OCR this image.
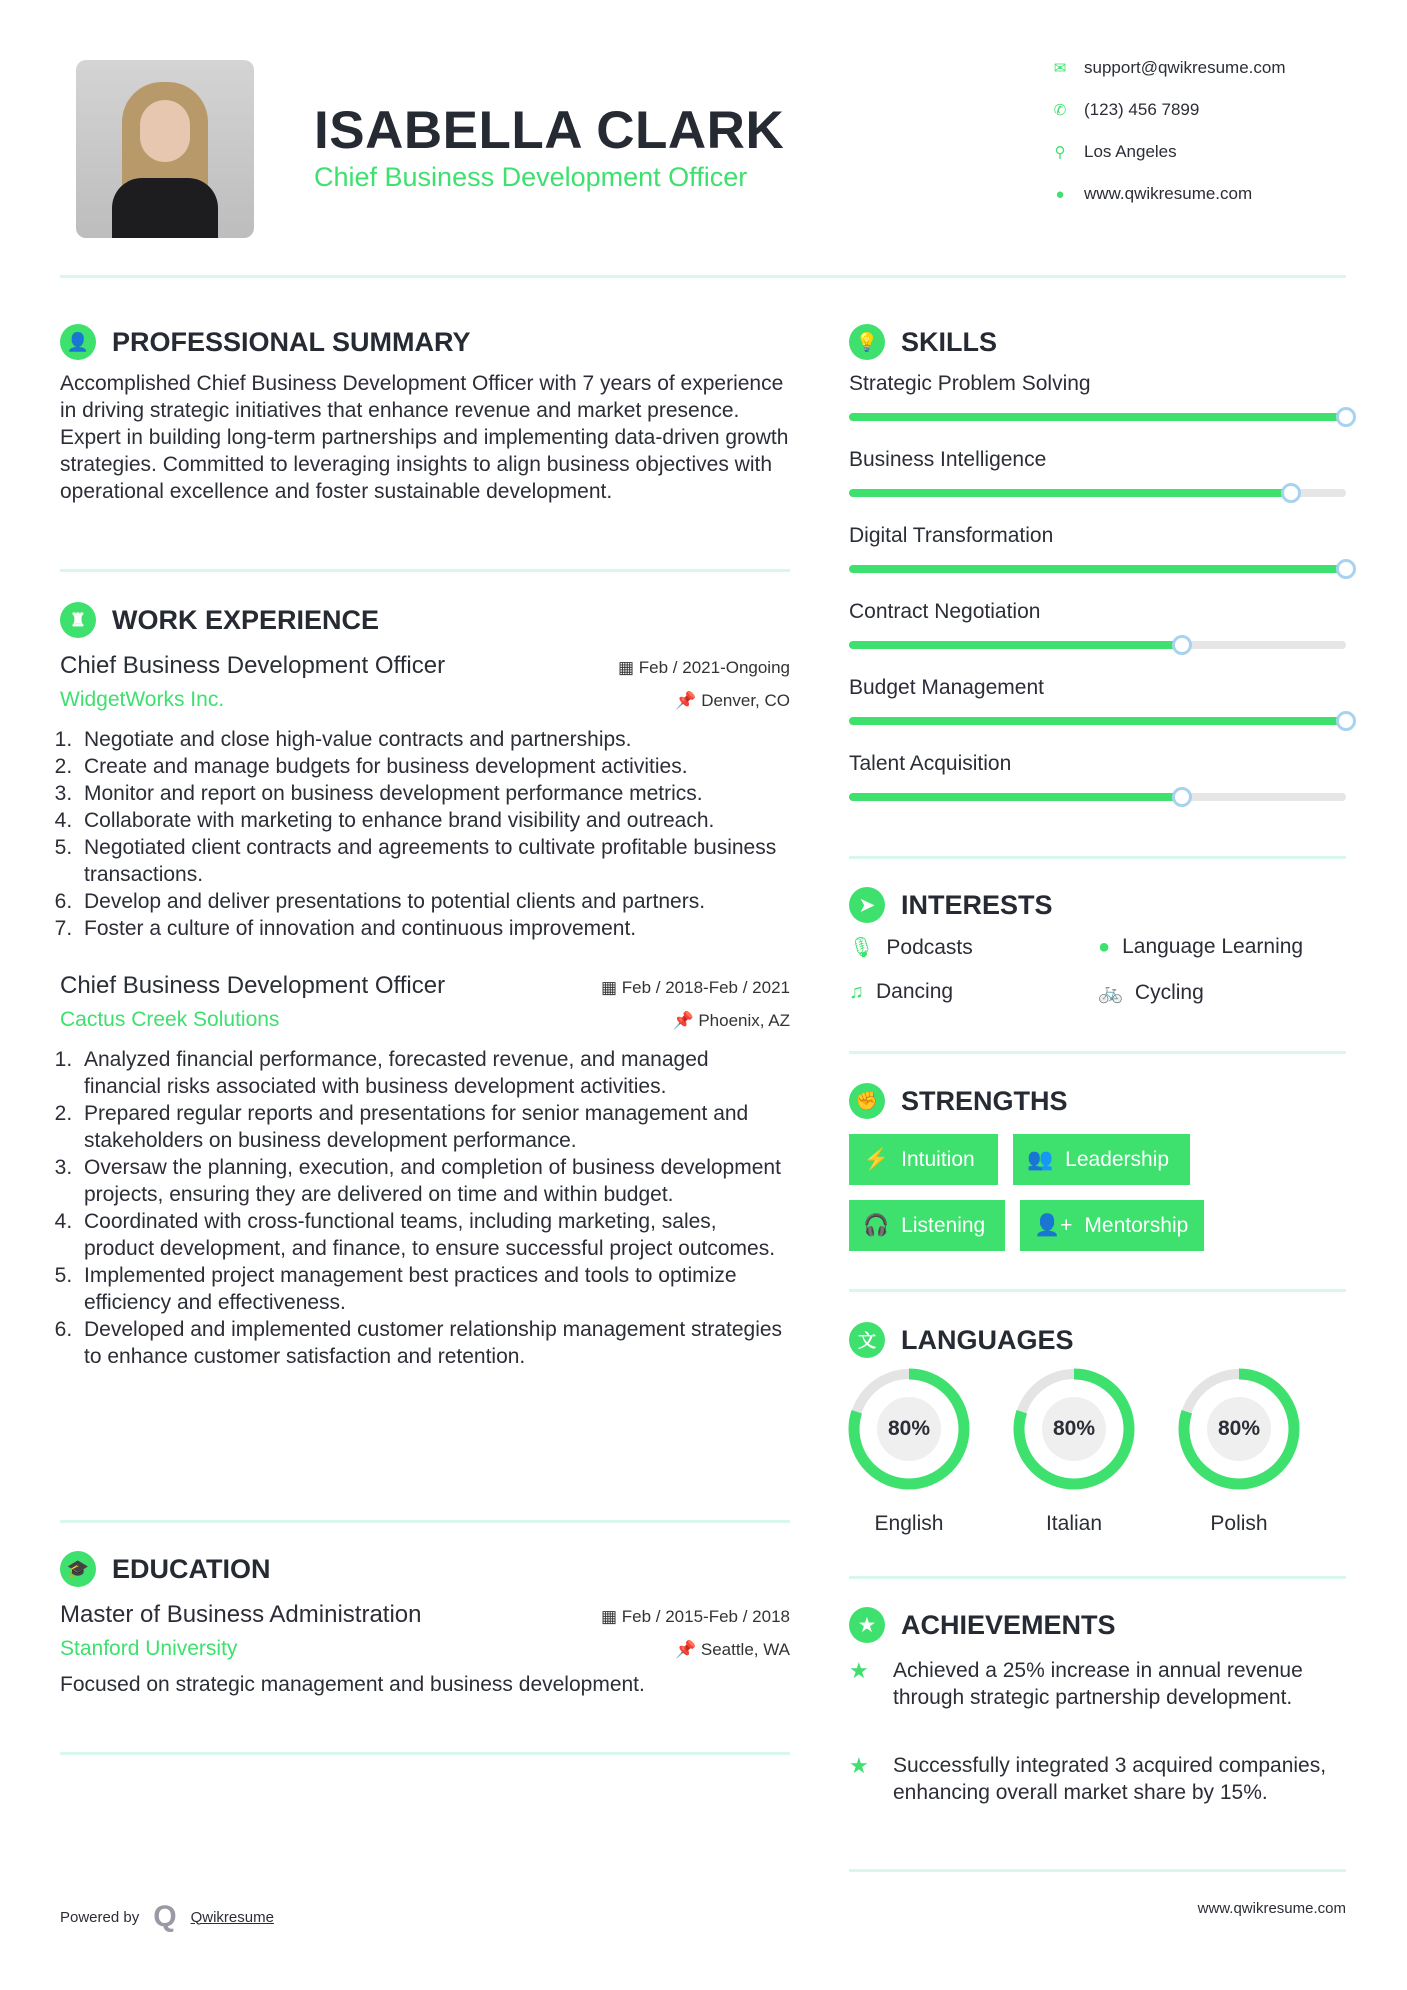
ISABELLA CLARK
Chief Business Development Officer
✉ support@qwikresume.com
✆ (123) 456 7899
⚲ Los Angeles
●	www.qwikresume.com
👤 PROFESSIONAL SUMMARY

Accomplished Chief Business Development Officer with 7 years of experience in driving strategic initiatives that enhance revenue and market presence. Expert in building long-term partnerships and implementing data-driven growth strategies. Committed to leveraging insights to align business objectives with operational excellence and foster sustainable development.

♜ WORK EXPERIENCE
Chief Business Development Officer	▦ Feb / 2021-Ongoing
WidgetWorks Inc.	📌 Denver, CO
1. Negotiate and close high-value contracts and partnerships.
2. Create and manage budgets for business development activities.
3. Monitor and report on business development performance metrics.
4. Collaborate with marketing to enhance brand visibility and outreach.
5. Negotiated client contracts and agreements to cultivate profitable business transactions.
6. Develop and deliver presentations to potential clients and partners.
7. Foster a culture of innovation and continuous improvement.
Chief Business Development Officer	▦ Feb / 2018-Feb / 2021
Cactus Creek Solutions	📌 Phoenix, AZ
1. Analyzed financial performance, forecasted revenue, and managed financial risks associated with business development activities.
2. Prepared regular reports and presentations for senior management and stakeholders on business development performance.
3. Oversaw the planning, execution, and completion of business development projects, ensuring they are delivered on time and within budget.
4. Coordinated with cross-functional teams, including marketing, sales, product development, and finance, to ensure successful project outcomes.
5. Implemented project management best practices and tools to optimize efficiency and effectiveness.
6. Developed and implemented customer relationship management strategies to enhance customer satisfaction and retention.
🎓 EDUCATION
Master of Business Administration	▦ Feb / 2015-Feb / 2018
Stanford University	📌 Seattle, WA

Focused on strategic management and business development.

💡 SKILLS
Strategic Problem Solving
Business Intelligence
Digital Transformation
Contract Negotiation
Budget Management
Talent Acquisition
➤ INTERESTS
🎙 Podcasts	● Language Learning
♫ Dancing	🚲 Cycling
✊ STRENGTHS
⚡ Intuition 👥 Leadership
🎧 Listening 👤+ Mentorship
文 LANGUAGES
80%
English
80%
Italian
80%
Polish
★ ACHIEVEMENTS
★	Achieved a 25% increase in annual revenue through strategic partnership development.
★	Successfully integrated 3 acquired companies, enhancing overall market share by 15%.
Powered by Q Qwikresume	www.qwikresume.com
